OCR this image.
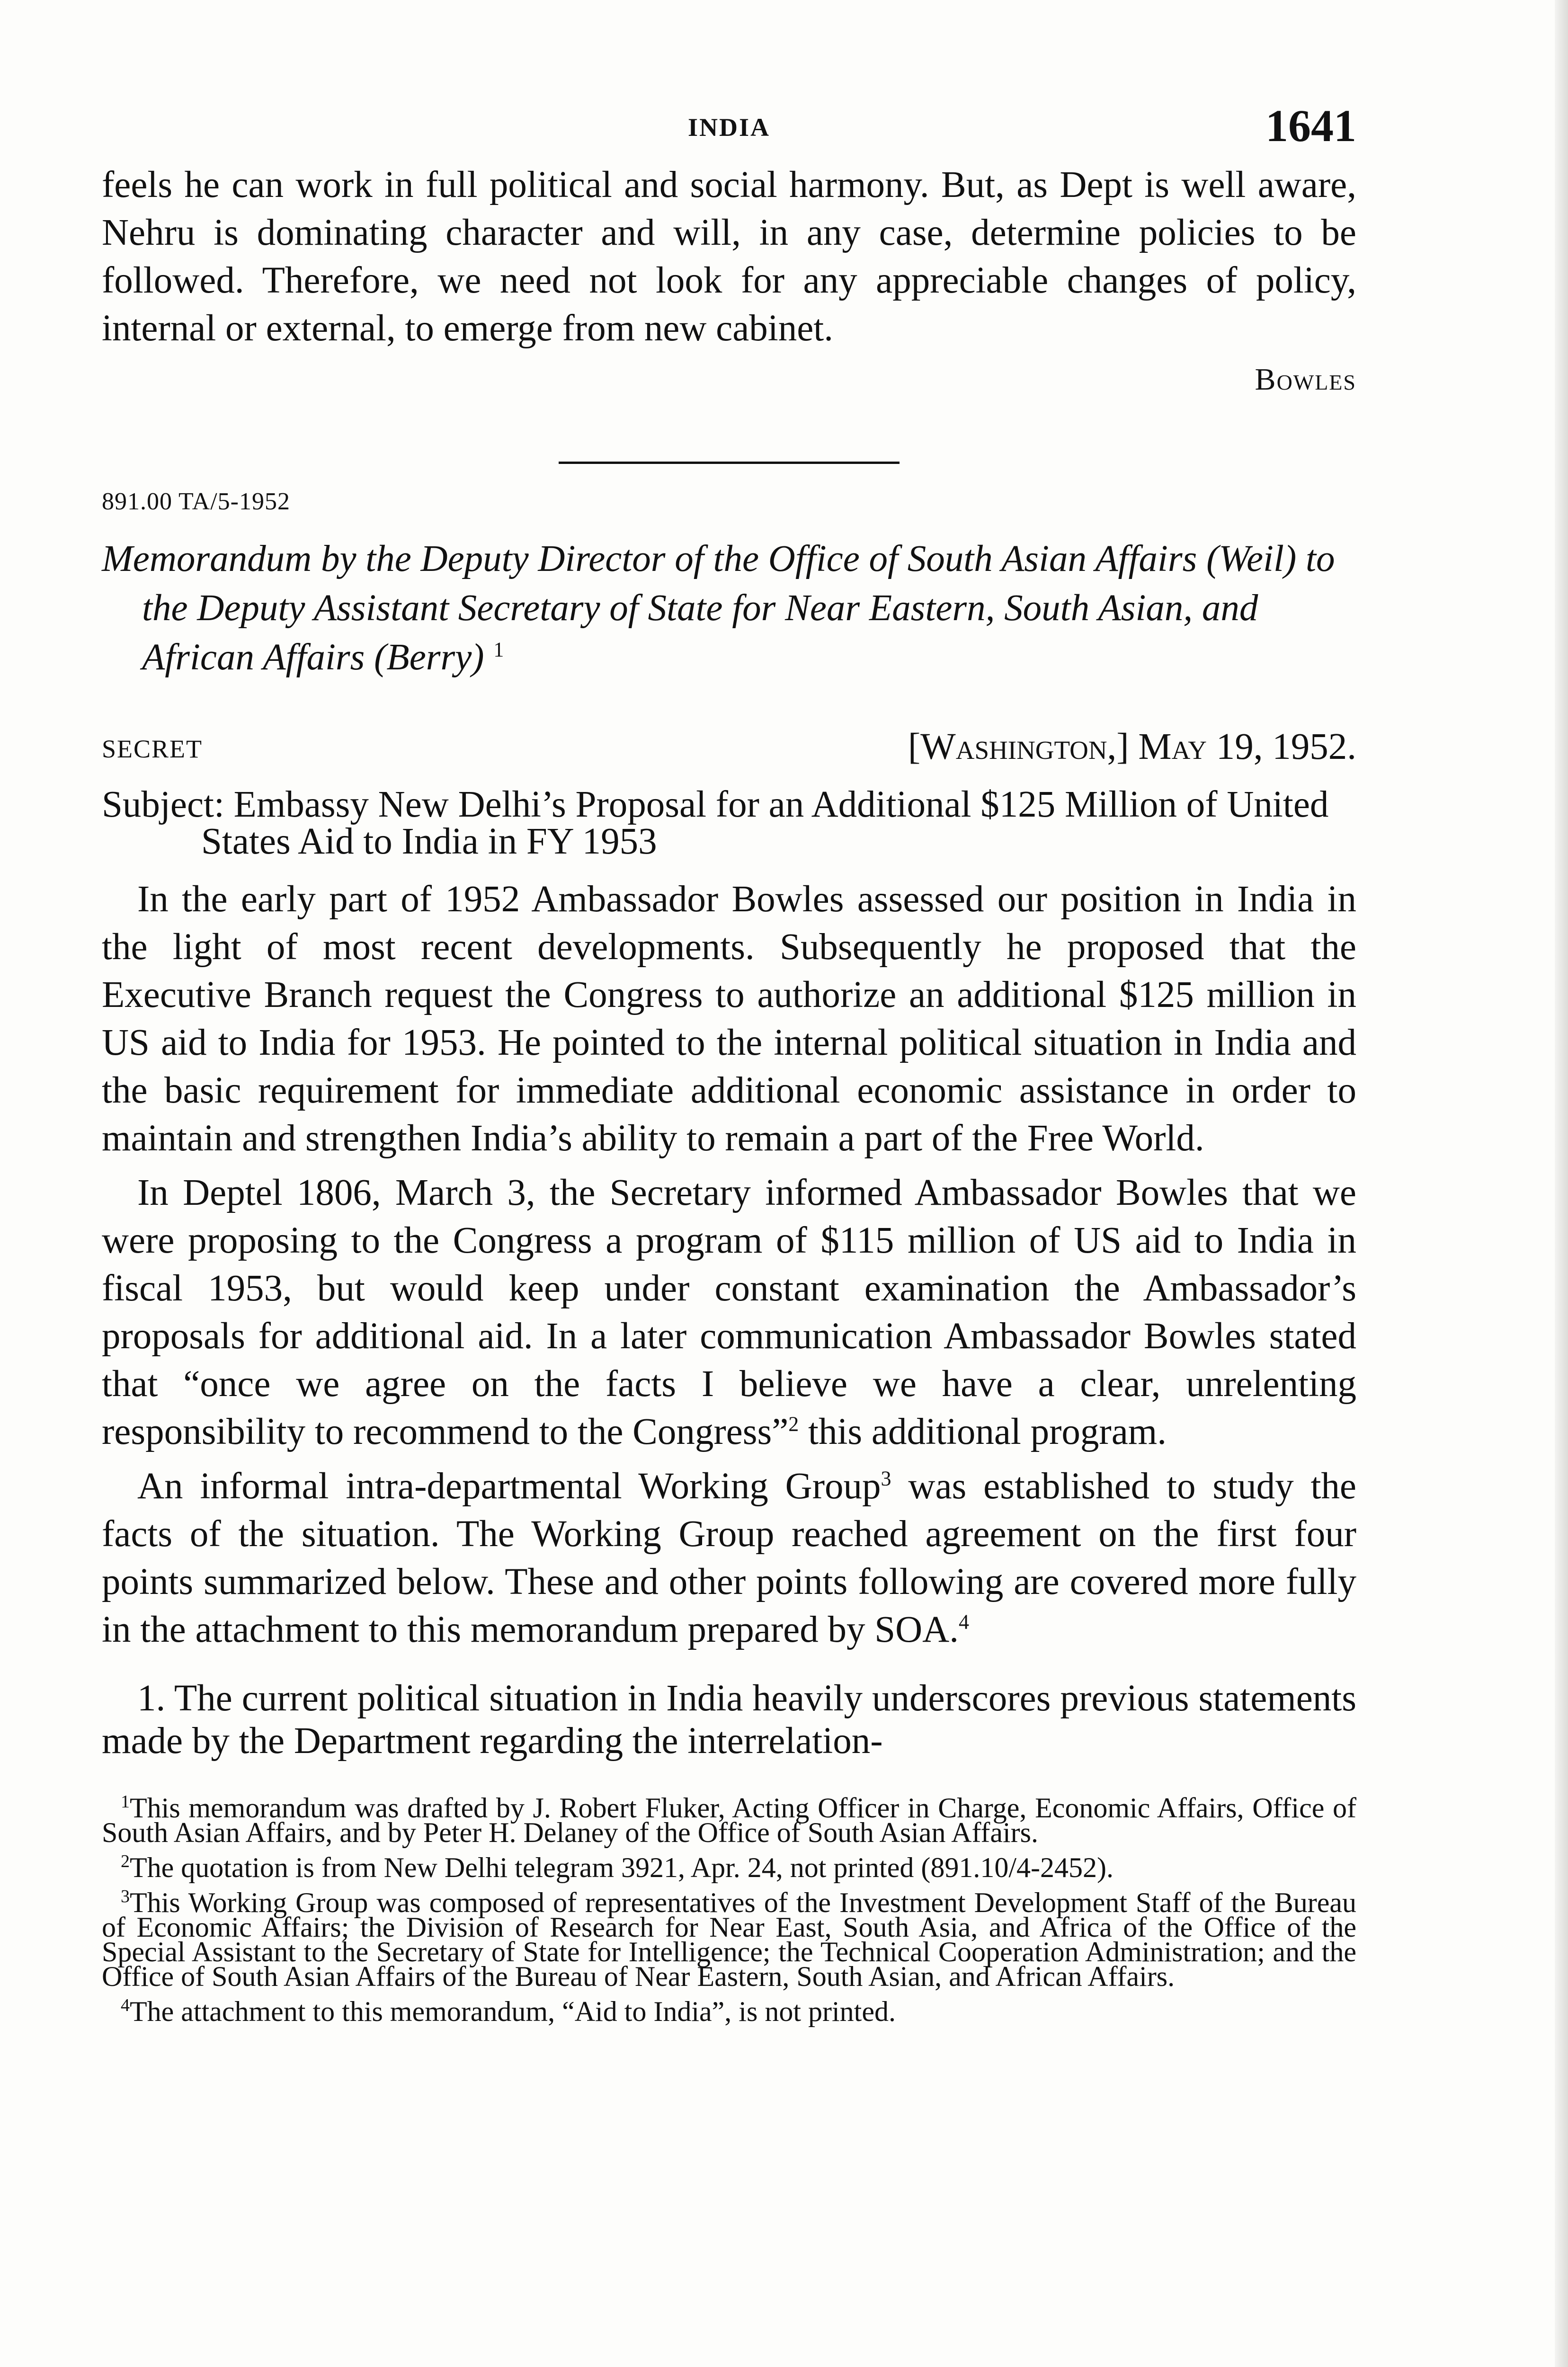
INDIA	1641

feels he can work in full political and social harmony. But, as Dept is well aware, Nehru is dominating character and will, in any case, determine policies to be followed. Therefore, we need not look for any appreciable changes of policy, internal or external, to emerge from new cabinet.

Bowles
891.00 TA/5-1952
Memorandum by the Deputy Director of the Office of South Asian Affairs (Weil) to the Deputy Assistant Secretary of State for Near Eastern, South Asian, and African Affairs (Berry) $^1$
SECRET	[Washington,] May 19, 1952.
Subject: Embassy New Delhi’s Proposal for an Additional $125 Million of United States Aid to India in FY 1953

In the early part of 1952 Ambassador Bowles assessed our position in India in the light of most recent developments. Subsequently he proposed that the Executive Branch request the Congress to authorize an additional $125 million in US aid to India for 1953. He pointed to the internal political situation in India and the basic requirement for immediate additional economic assistance in order to maintain and strengthen India’s ability to remain a part of the Free World.

In Deptel 1806, March 3, the Secretary informed Ambassador Bowles that we were proposing to the Congress a program of $115 million of US aid to India in fiscal 1953, but would keep under constant examination the Ambassador’s proposals for additional aid. In a later communication Ambassador Bowles stated that “once we agree on the facts I believe we have a clear, unrelenting responsibility to recommend to the Congress”$^2$ this additional program.

An informal intra-departmental Working Group$^3$ was established to study the facts of the situation. The Working Group reached agreement on the first four points summarized below. These and other points following are covered more fully in the attachment to this memorandum prepared by SOA.$^4$

1. The current political situation in India heavily underscores previous statements made by the Department regarding the interrelation-

$^1$This memorandum was drafted by J. Robert Fluker, Acting Officer in Charge, Economic Affairs, Office of South Asian Affairs, and by Peter H. Delaney of the Office of South Asian Affairs.

$^2$The quotation is from New Delhi telegram 3921, Apr. 24, not printed (891.10/4-2452).

$^3$This Working Group was composed of representatives of the Investment Development Staff of the Bureau of Economic Affairs; the Division of Research for Near East, South Asia, and Africa of the Office of the Special Assistant to the Secretary of State for Intelligence; the Technical Cooperation Administration; and the Office of South Asian Affairs of the Bureau of Near Eastern, South Asian, and African Affairs.

$^4$The attachment to this memorandum, “Aid to India”, is not printed.
